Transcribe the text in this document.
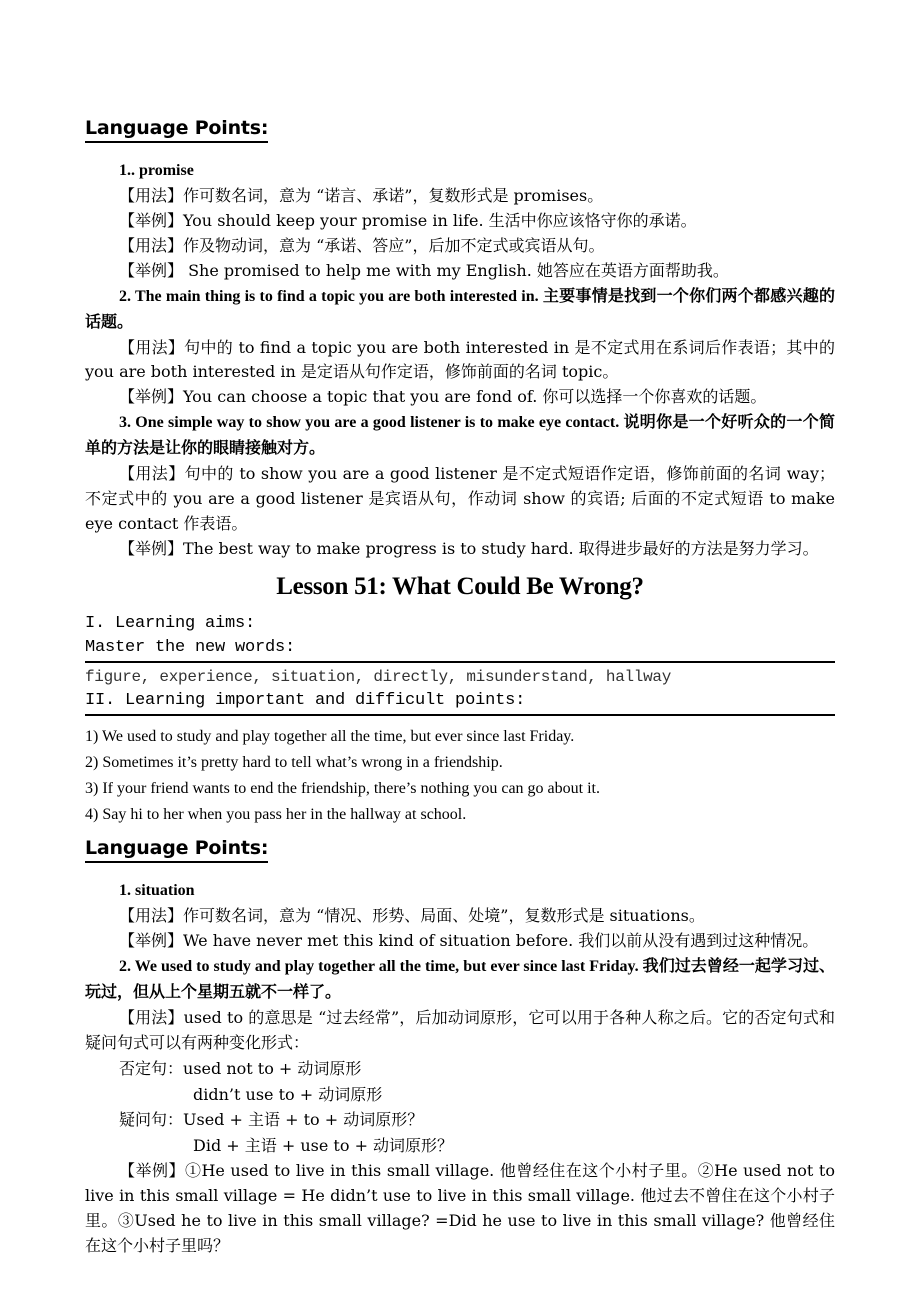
Language Points:

1.. promise

【用法】作可数名词，意为 “诺言、承诺”，复数形式是 promises。

【举例】You should keep your promise in life. 生活中你应该恪守你的承诺。

【用法】作及物动词，意为 “承诺、答应”，后加不定式或宾语从句。

【举例】 She promised to help me with my English. 她答应在英语方面帮助我。

2. The main thing is to find a topic you are both interested in. 主要事情是找到一个你们两个都感兴趣的话题。

【用法】句中的 to find a topic you are both interested in 是不定式用在系词后作表语；其中的 you are both interested in 是定语从句作定语，修饰前面的名词 topic。

【举例】You can choose a topic that you are fond of. 你可以选择一个你喜欢的话题。

3. One simple way to show you are a good listener is to make eye contact. 说明你是一个好听众的一个简单的方法是让你的眼睛接触对方。

【用法】句中的 to show you are a good listener 是不定式短语作定语，修饰前面的名词 way；不定式中的 you are a good listener 是宾语从句，作动词 show 的宾语; 后面的不定式短语 to make eye contact 作表语。

【举例】The best way to make progress is to study hard. 取得进步最好的方法是努力学习。

Lesson 51: What Could Be Wrong?
I. Learning aims:
Master the new words:
figure, experience, situation, directly, misunderstand, hallway
II. Learning important and difficult points:

1) We used to study and play together all the time, but ever since last Friday.

2) Sometimes it’s pretty hard to tell what’s wrong in a friendship.

3) If your friend wants to end the friendship, there’s nothing you can go about it.

4) Say hi to her when you pass her in the hallway at school.

Language Points:

1. situation

【用法】作可数名词，意为 “情况、形势、局面、处境”，复数形式是 situations。

【举例】We have never met this kind of situation before. 我们以前从没有遇到过这种情况。

2. We used to study and play together all the time, but ever since last Friday. 我们过去曾经一起学习过、玩过，但从上个星期五就不一样了。

【用法】used to 的意思是 “过去经常”，后加动词原形，它可以用于各种人称之后。它的否定句式和疑问句式可以有两种变化形式：

否定句：used not to + 动词原形
didn’t use to + 动词原形
疑问句：Used + 主语 + to + 动词原形？
Did + 主语 + use to + 动词原形？

【举例】①He used to live in this small village. 他曾经住在这个小村子里。②He used not to live in this small village = He didn’t use to live in this small village. 他过去不曾住在这个小村子里。③Used he to live in this small village? =Did he use to live in this small village? 他曾经住在这个小村子里吗？
